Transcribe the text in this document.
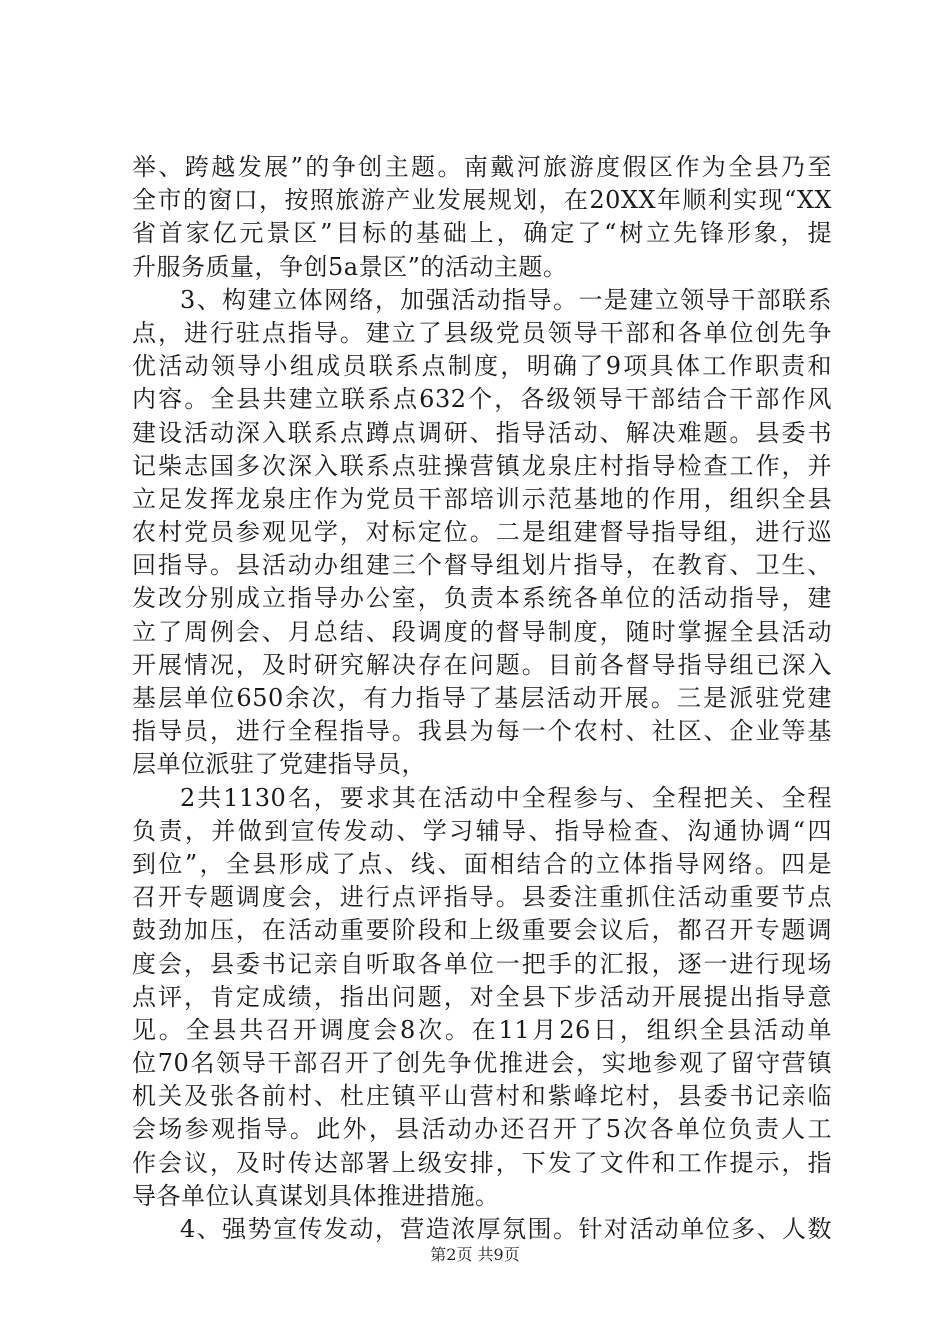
举、跨越发展”的争创主题。南戴河旅游度假区作为全县乃至
全市的窗口，按照旅游产业发展规划，在20XX年顺利实现“XX
省首家亿元景区”目标的基础上，确定了“树立先锋形象，提
升服务质量，争创5a景区”的活动主题。
3、构建立体网络，加强活动指导。一是建立领导干部联系
点，进行驻点指导。建立了县级党员领导干部和各单位创先争
优活动领导小组成员联系点制度，明确了9项具体工作职责和
内容。全县共建立联系点632个，各级领导干部结合干部作风
建设活动深入联系点蹲点调研、指导活动、解决难题。县委书
记柴志国多次深入联系点驻操营镇龙泉庄村指导检查工作，并
立足发挥龙泉庄作为党员干部培训示范基地的作用，组织全县
农村党员参观见学，对标定位。二是组建督导指导组，进行巡
回指导。县活动办组建三个督导组划片指导，在教育、卫生、
发改分别成立指导办公室，负责本系统各单位的活动指导，建
立了周例会、月总结、段调度的督导制度，随时掌握全县活动
开展情况，及时研究解决存在问题。目前各督导指导组已深入
基层单位650余次，有力指导了基层活动开展。三是派驻党建
指导员，进行全程指导。我县为每一个农村、社区、企业等基
层单位派驻了党建指导员，
2共1130名，要求其在活动中全程参与、全程把关、全程
负责，并做到宣传发动、学习辅导、指导检查、沟通协调“四
到位”，全县形成了点、线、面相结合的立体指导网络。四是
召开专题调度会，进行点评指导。县委注重抓住活动重要节点
鼓劲加压，在活动重要阶段和上级重要会议后，都召开专题调
度会，县委书记亲自听取各单位一把手的汇报，逐一进行现场
点评，肯定成绩，指出问题，对全县下步活动开展提出指导意
见。全县共召开调度会8次。在11月26日，组织全县活动单
位70名领导干部召开了创先争优推进会，实地参观了留守营镇
机关及张各前村、杜庄镇平山营村和紫峰坨村，县委书记亲临
会场参观指导。此外，县活动办还召开了5次各单位负责人工
作会议，及时传达部署上级安排，下发了文件和工作提示，指
导各单位认真谋划具体推进措施。
4、强势宣传发动，营造浓厚氛围。针对活动单位多、人数
第2页 共9页
